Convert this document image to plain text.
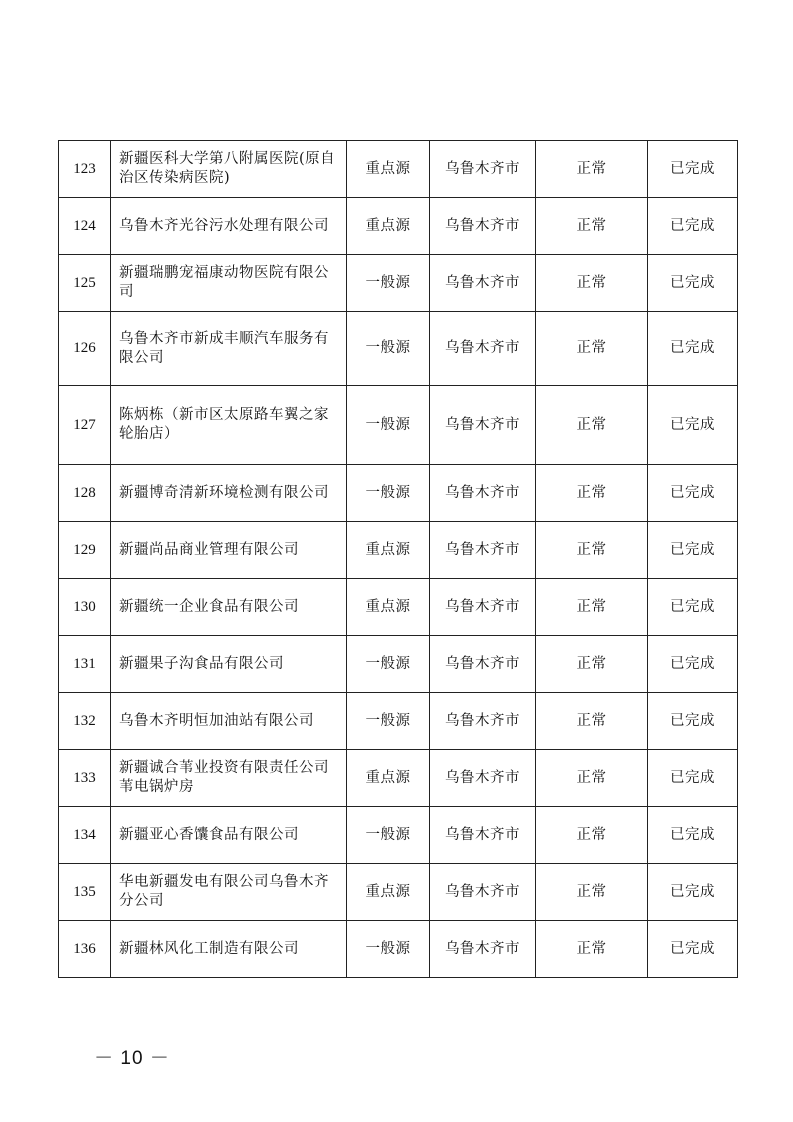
123	新疆医科大学第八附属医院(原自治区传染病医院)	重点源	乌鲁木齐市	正常	已完成
124	乌鲁木齐光谷污水处理有限公司	重点源	乌鲁木齐市	正常	已完成
125	新疆瑞鹏宠福康动物医院有限公司	一般源	乌鲁木齐市	正常	已完成
126	乌鲁木齐市新成丰顺汽车服务有限公司	一般源	乌鲁木齐市	正常	已完成
127	陈炳栋（新市区太原路车翼之家轮胎店）	一般源	乌鲁木齐市	正常	已完成
128	新疆博奇清新环境检测有限公司	一般源	乌鲁木齐市	正常	已完成
129	新疆尚品商业管理有限公司	重点源	乌鲁木齐市	正常	已完成
130	新疆统一企业食品有限公司	重点源	乌鲁木齐市	正常	已完成
131	新疆果子沟食品有限公司	一般源	乌鲁木齐市	正常	已完成
132	乌鲁木齐明恒加油站有限公司	一般源	乌鲁木齐市	正常	已完成
133	新疆诚合苇业投资有限责任公司苇电锅炉房	重点源	乌鲁木齐市	正常	已完成
134	新疆亚心香馕食品有限公司	一般源	乌鲁木齐市	正常	已完成
135	华电新疆发电有限公司乌鲁木齐分公司	重点源	乌鲁木齐市	正常	已完成
136	新疆林风化工制造有限公司	一般源	乌鲁木齐市	正常	已完成
－ 10 －
